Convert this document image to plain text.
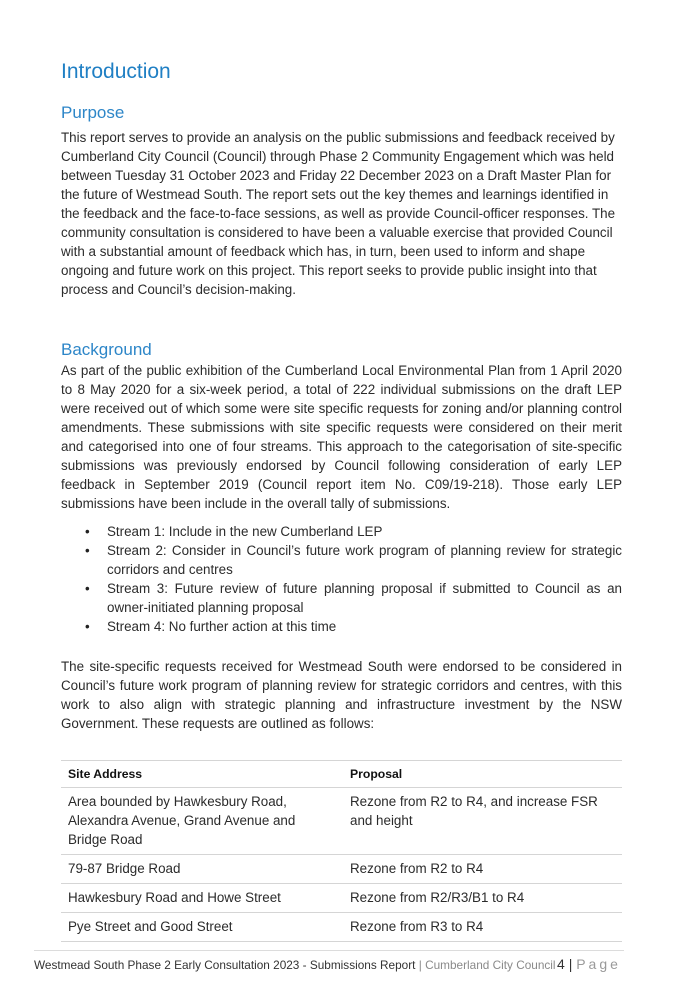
Introduction
Purpose

This report serves to provide an analysis on the public submissions and feedback received by Cumberland City Council (Council) through Phase 2 Community Engagement which was held between Tuesday 31 October 2023 and Friday 22 December 2023 on a Draft Master Plan for the future of Westmead South. The report sets out the key themes and learnings identified in the feedback and the face-to-face sessions, as well as provide Council-officer responses. The community consultation is considered to have been a valuable exercise that provided Council with a substantial amount of feedback which has, in turn, been used to inform and shape ongoing and future work on this project. This report seeks to provide public insight into that process and Council’s decision-making.

Background

As part of the public exhibition of the Cumberland Local Environmental Plan from 1 April 2020 to 8 May 2020 for a six-week period, a total of 222 individual submissions on the draft LEP were received out of which some were site specific requests for zoning and/or planning control amendments. These submissions with site specific requests were considered on their merit and categorised into one of four streams. This approach to the categorisation of site-specific submissions was previously endorsed by Council following consideration of early LEP feedback in September 2019 (Council report item No. C09/19-218). Those early LEP submissions have been include in the overall tally of submissions.

• Stream 1: Include in the new Cumberland LEP
• Stream 2: Consider in Council’s future work program of planning review for strategic corridors and centres
• Stream 3: Future review of future planning proposal if submitted to Council as an owner-initiated planning proposal
• Stream 4: No further action at this time

The site-specific requests received for Westmead South were endorsed to be considered in Council’s future work program of planning review for strategic corridors and centres, with this work to also align with strategic planning and infrastructure investment by the NSW Government. These requests are outlined as follows:

Site Address	Proposal
Area bounded by Hawkesbury Road, Alexandra Avenue, Grand Avenue and Bridge Road	Rezone from R2 to R4, and increase FSR and height
79-87 Bridge Road	Rezone from R2 to R4
Hawkesbury Road and Howe Street	Rezone from R2/R3/B1 to R4
Pye Street and Good Street	Rezone from R3 to R4
Westmead South Phase 2 Early Consultation 2023 - Submissions Report | Cumberland City Council 4 | Page
